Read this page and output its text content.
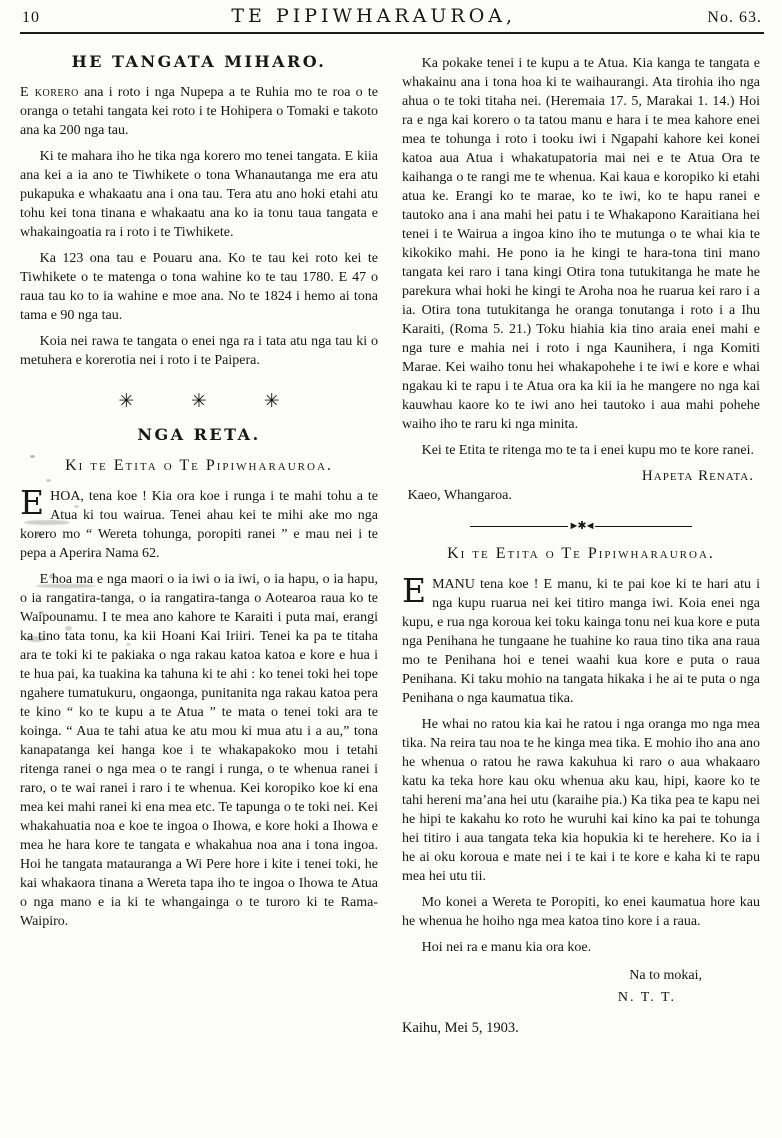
10	TE PIPIWHARAUROA,	No. 63.
HE TANGATA MIHARO.

E korero ana i roto i nga Nupepa a te Ruhia mo te roa o te oranga o tetahi tangata kei roto i te Hohipera o Tomaki e takoto ana ka 200 nga tau.

Ki te mahara iho he tika nga korero mo tenei tangata. E kiia ana kei a ia ano te Tiwhikete o tona Whanautanga me era atu pukapuka e whakaatu ana i ona tau. Tera atu ano hoki etahi atu tohu kei tona tinana e whakaatu ana ko ia tonu taua tangata e whakaingoatia ra i roto i te Tiwhikete.

Ka 123 ona tau e Pouaru ana. Ko te tau kei roto kei te Tiwhikete o te matenga o tona wahine ko te tau 1780. E 47 o raua tau ko to ia wahine e moe ana. No te 1824 i hemo ai tona tama e 90 nga tau.

Koia nei rawa te tangata o enei nga ra i tata atu nga tau ki o metuhera e korerotia nei i roto i te Paipera.

✳ ✳ ✳
NGA RETA.
Ki te Etita o Te Pipiwharauroa.

EHOA, tena koe ! Kia ora koe i runga i te mahi tohu a te Atua ki tou wairua. Tenei ahau kei te mihi ake mo nga korero mo “ Wereta tohunga, poropiti ranei ” e mau nei i te pepa a Aperira Nama 62.

E hoa ma e nga maori o ia iwi o ia iwi, o ia hapu, o ia hapu, o ia rangatira-tanga, o ia rangatira-tanga o Aotearoa raua ko te Waipounamu. I te mea ano kahore te Karaiti i puta mai, erangi ka tino tata tonu, ka kii Hoani Kai Iriiri. Tenei ka pa te titaha ara te toki ki te pakiaka o nga rakau katoa katoa e kore e hua i te hua pai, ka tuakina ka tahuna ki te ahi : ko tenei toki hei tope ngahere tumatukuru, ongaonga, punitanita nga rakau katoa pera te kino “ ko te kupu a te Atua ” te mata o tenei toki ara te koinga. “ Aua te tahi atua ke atu mou ki mua atu i a au,” tona kanapatanga kei hanga koe i te whakapakoko mou i tetahi ritenga ranei o nga mea o te rangi i runga, o te whenua ranei i raro, o te wai ranei i raro i te whenua. Kei koropiko koe ki ena mea kei mahi ranei ki ena mea etc. Te tapunga o te toki nei. Kei whakahuatia noa e koe te ingoa o Ihowa, e kore hoki a Ihowa e mea he hara kore te tangata e whakahua noa ana i tona ingoa. Hoi he tangata matauranga a Wi Pere hore i kite i tenei toki, he kai whakaora tinana a Wereta tapa iho te ingoa o Ihowa te Atua o nga mano e ia ki te whangainga o te turoro ki te Rama-Waipiro.

Ka pokake tenei i te kupu a te Atua. Kia kanga te tangata e whakainu ana i tona hoa ki te waihaurangi. Ata tirohia iho nga ahua o te toki titaha nei. (Heremaia 17. 5, Marakai 1. 14.) Hoi ra e nga kai korero o ta tatou manu e hara i te mea kahore enei mea te tohunga i roto i tooku iwi i Ngapahi kahore kei konei katoa aua Atua i whakatupatoria mai nei e te Atua Ora te kaihanga o te rangi me te whenua. Kai kaua e koropiko ki etahi atua ke. Erangi ko te marae, ko te iwi, ko te hapu ranei e tautoko ana i ana mahi hei patu i te Whakapono Karaitiana hei tenei i te Wairua a ingoa kino iho te mutunga o te whai kia te kikokiko mahi. He pono ia he kingi te hara-tona tini mano tangata kei raro i tana kingi Otira tona tutukitanga he mate he parekura whai hoki he kingi te Aroha noa he ruarua kei raro i a ia. Otira tona tutukitanga he oranga tonutanga i roto i a Ihu Karaiti, (Roma 5. 21.) Toku hiahia kia tino araia enei mahi e nga ture e mahia nei i roto i nga Kaunihera, i nga Komiti Marae. Kei waiho tonu hei whakapohehe i te iwi e kore e whai ngakau ki te rapu i te Atua ora ka kii ia he mangere no nga kai kauwhau kaore ko te iwi ano hei tautoko i aua mahi pohehe waiho iho te raru ki nga minita.

Kei te Etita te ritenga mo te ta i enei kupu mo te kore ranei.

Hapeta Renata.

Kaeo, Whangaroa.

►✱◄
Ki te Etita o Te Pipiwharauroa.

EMANU tena koe ! E manu, ki te pai koe ki te hari atu i nga kupu ruarua nei kei titiro manga iwi. Koia enei nga kupu, e rua nga koroua kei toku kainga tonu nei kua kore e puta nga Penihana he tungaane he tuahine ko raua tino tika ana raua mo te Penihana hoi e tenei waahi kua kore e puta o raua Penihana. Ki taku mohio na tangata hikaka i he ai te puta o nga Penihana o nga kaumatua tika.

He whai no ratou kia kai he ratou i nga oranga mo nga mea tika. Na reira tau noa te he kinga mea tika. E mohio iho ana ano he whenua o ratou he rawa kakuhua ki raro o aua whakaaro katu ka teka hore kau oku whenua aku kau, hipi, kaore ko te tahi hereni ma’ana hei utu (karaihe pia.) Ka tika pea te kapu nei he hipi te kakahu ko roto he wuruhi kai kino ka pai te tohunga hei titiro i aua tangata teka kia hopukia ki te herehere. Ko ia i he ai oku koroua e mate nei i te kai i te kore e kaha ki te rapu mea hei utu tii.

Mo konei a Wereta te Poropiti, ko enei kaumatua hore kau he whenua he hoiho nga mea katoa tino kore i a raua.

Hoi nei ra e manu kia ora koe.

Na to mokai,

N. T. T.

Kaihu, Mei 5, 1903.
